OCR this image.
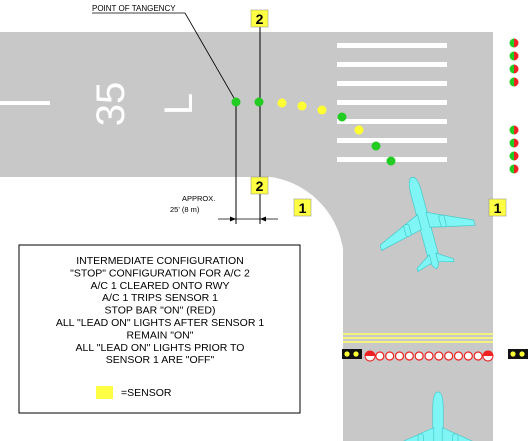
35 L
POINT OF TANGENCY
APPROX.
25' (8 m)
2
2
1	1
INTERMEDIATE CONFIGURATION
"STOP" CONFIGURATION FOR A/C 2
A/C 1 CLEARED ONTO RWY
A/C 1 TRIPS SENSOR 1
STOP BAR "ON" (RED)
ALL "LEAD ON" LIGHTS AFTER SENSOR 1
REMAIN "ON"
ALL "LEAD ON" LIGHTS PRIOR TO
SENSOR 1 ARE "OFF"
=SENSOR
